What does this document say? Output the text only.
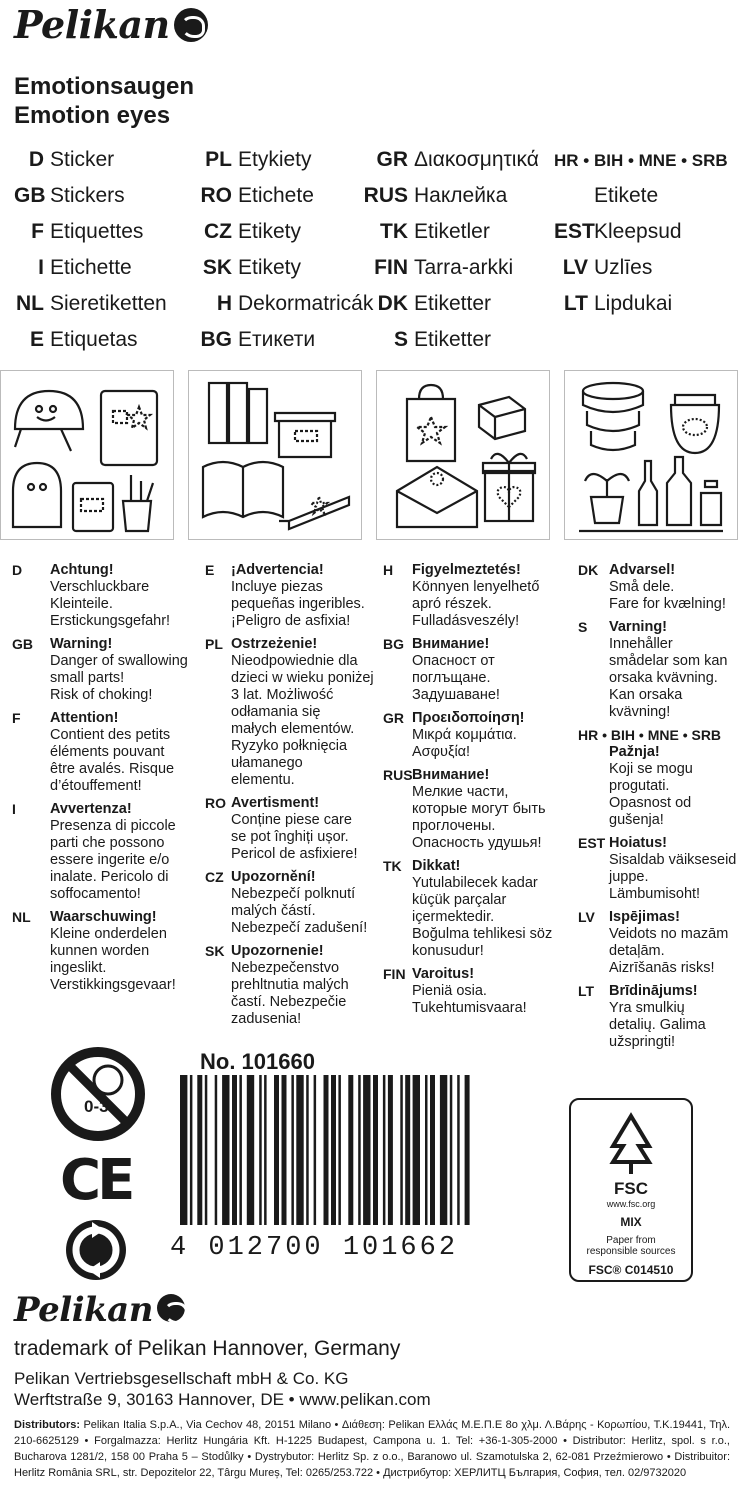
Pelikan
Emotionsaugen
Emotion eyes
D Sticker
GB Stickers
F Etiquettes
I Etichette
NL Sieretiketten
E Etiquetas
PL Etykiety
RO Etichete
CZ Etikety
SK Etikety
H Dekormatricák
BG Етикети
GR Διακοσμητικά
RUS Наклейка
TK Etiketler
FIN Tarra-arkki
DK Etiketter
S Etiketter
HR • BIH • MNE • SRB
Etikete
ESTKleepsud
LV Uzlīes
LT Lipdukai
D Achtung!
Verschluckbare
Kleinteile.
Erstickungsgefahr!
GB Warning!
Danger of swallowing
small parts!
Risk of choking!
F Attention!
Contient des petits
éléments pouvant
être avalés. Risque
d’étouffement!
I Avvertenza!
Presenza di piccole
parti che possono
essere ingerite e/o
inalate. Pericolo di
soffocamento!
NL Waarschuwing!
Kleine onderdelen
kunnen worden
ingeslikt.
Verstikkingsgevaar!
E ¡Advertencia!
Incluye piezas
pequeñas ingeribles.
¡Peligro de asfixia!
PL Ostrzeżenie!
Nieodpowiednie dla
dzieci w wieku poniżej
3 lat. Możliwość
odłamania się
małych elementów.
Ryzyko połknięcia
ułamanego
elementu.
RO Avertisment!
Conține piese care
se pot înghiți ușor.
Pericol de asfixiere!
CZ Upozornění!
Nebezpečí polknutí
malých částí.
Nebezpečí zadušení!
SK Upozornenie!
Nebezpečenstvo
prehltnutia malých
častí. Nebezpečie
zadusenia!
H Figyelmeztetés!
Könnyen lenyelhető
apró részek.
Fulladásveszély!
BG Внимание!
Опасност от
поглъщане.
Задушаване!
GR Προειδοποίηση!
Μικρά κομμάτια.
Ασφυξία!
RUS Внимание!
Мелкие части,
которые могут быть
проглочены.
Опасность удушья!
TK Dikkat!
Yutulabilecek kadar
küçük parçalar
içermektedir.
Boğulma tehlikesi söz
konusudur!
FIN Varoitus!
Pieniä osia.
Tukehtumisvaara!
DK Advarsel!
Små dele.
Fare for kvælning!
S Varning!
Innehåller
smådelar som kan
orsaka kvävning.
Kan orsaka
kvävning!
HR • BIH • MNE • SRB
Pažnja!
Koji se mogu
progutati.
Opasnost od
gušenja!
EST Hoiatus!
Sisaldab väikseseid
juppe.
Lämbumisoht!
LV Ispējimas!
Veidots no mazām
detaļām.
Aizrīšanās risks!
LT Brīdinājums!
Yra smulkių
detalių. Galima
užspringti!
0-3
CE
No. 101660
4 012700 101662
FSC
www.fsc.org
MIX
Paper from
responsible sources
FSC® C014510
Pelikan
trademark of Pelikan Hannover, Germany
Pelikan Vertriebsgesellschaft mbH & Co. KG
Werftstraße 9, 30163 Hannover, DE • www.pelikan.com
Distributors: Pelikan Italia S.p.A., Via Cechov 48, 20151 Milano • Διάθεση: Pelikan Ελλάς Μ.Ε.Π.Ε 8ο χλμ. Λ.Βάρης - Κορωπίου, Τ.Κ.19441, Τηλ. 210-6625129 • Forgalmazza: Herlitz Hungária Kft. H-1225 Budapest, Campona u. 1. Tel: +36-1-305-2000 • Distributor: Herlitz, spol. s r.o., Bucharova 1281/2, 158 00 Praha 5 – Stodůlky • Dystrybutor: Herlitz Sp. z o.o., Baranowo ul. Szamotulska 2, 62-081 Przeźmierowo • Distribuitor: Herlitz România SRL, str. Depozitelor 22, Târgu Mureș, Tel: 0265/253.722 • Дистрибутор: ХЕРЛИТЦ България, София, тел. 02/9732020
